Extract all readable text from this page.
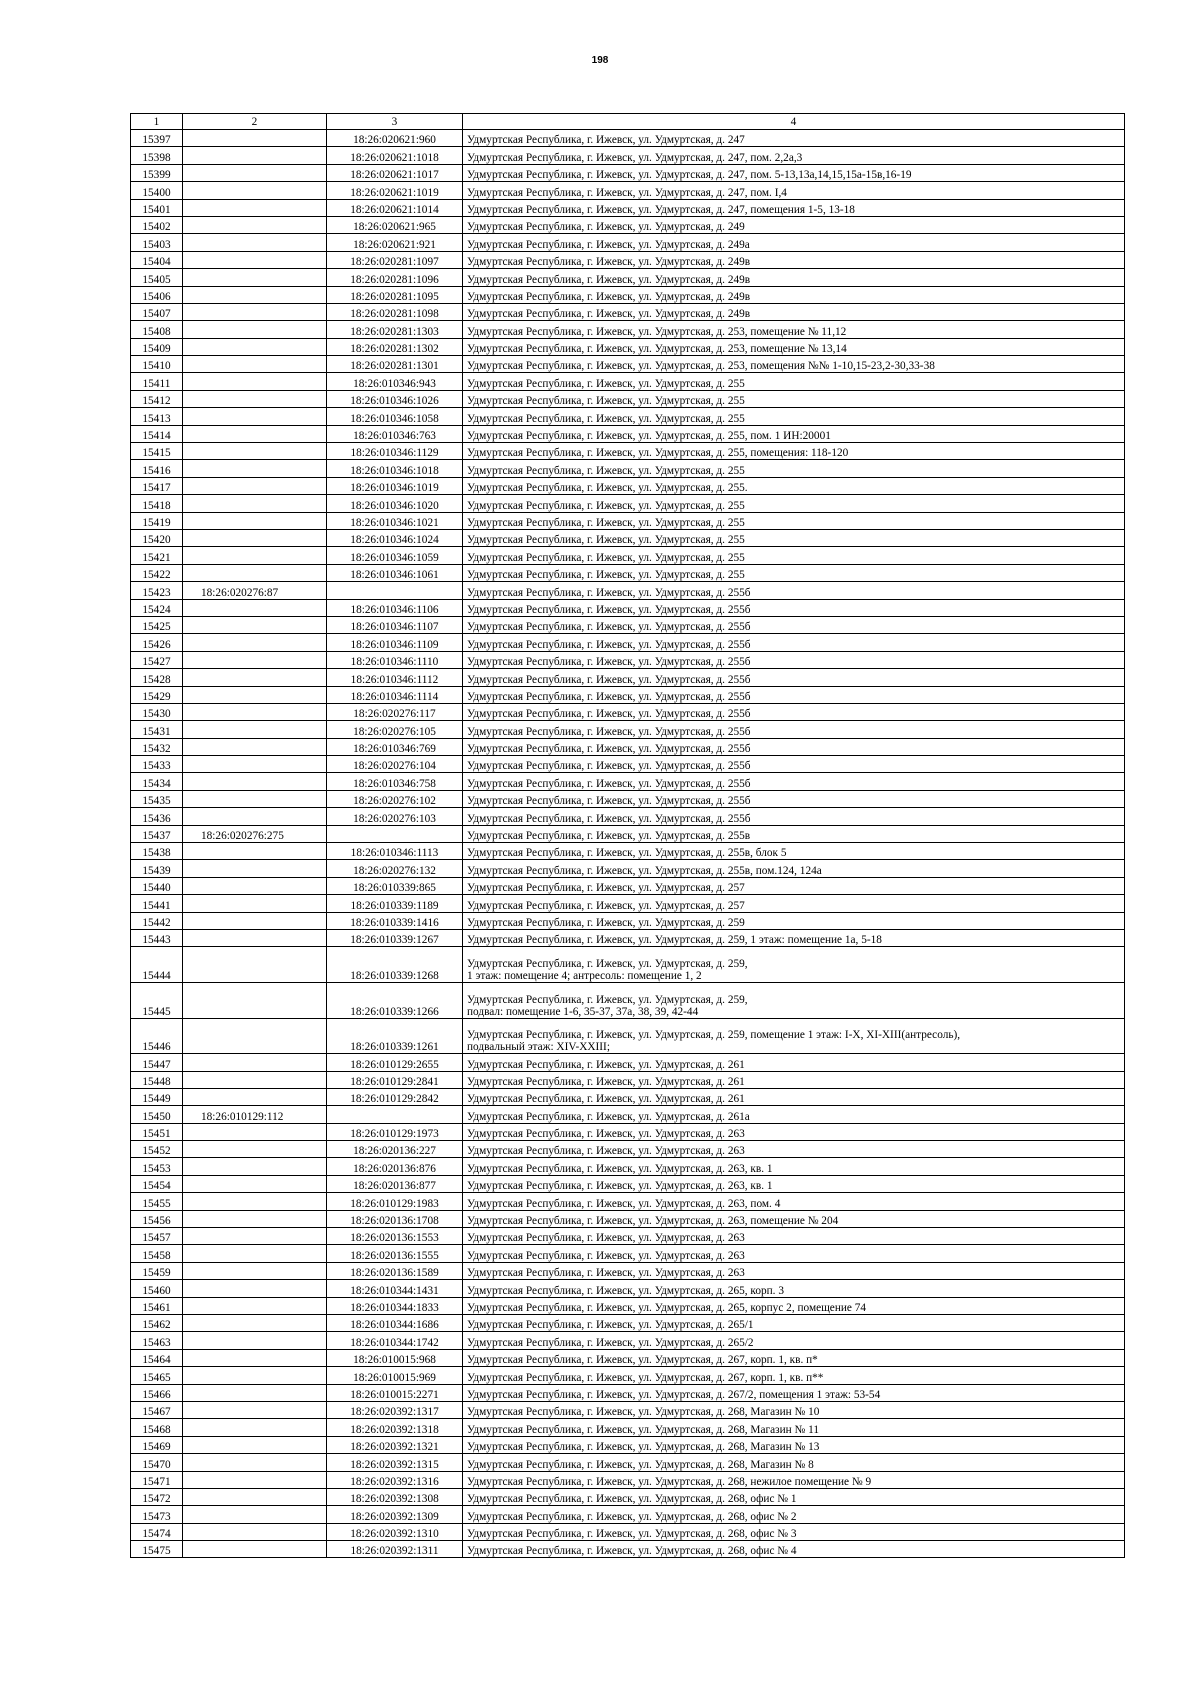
198
1	2	3	4
15397		18:26:020621:960	Удмуртская Республика, г. Ижевск, ул. Удмуртская, д. 247
15398		18:26:020621:1018	Удмуртская Республика, г. Ижевск, ул. Удмуртская, д. 247, пом. 2,2а,3
15399		18:26:020621:1017	Удмуртская Республика, г. Ижевск, ул. Удмуртская, д. 247, пом. 5-13,13а,14,15,15а-15в,16-19
15400		18:26:020621:1019	Удмуртская Республика, г. Ижевск, ул. Удмуртская, д. 247, пом. I,4
15401		18:26:020621:1014	Удмуртская Республика, г. Ижевск, ул. Удмуртская, д. 247, помещения 1-5, 13-18
15402		18:26:020621:965	Удмуртская Республика, г. Ижевск, ул. Удмуртская, д. 249
15403		18:26:020621:921	Удмуртская Республика, г. Ижевск, ул. Удмуртская, д. 249а
15404		18:26:020281:1097	Удмуртская Республика, г. Ижевск, ул. Удмуртская, д. 249в
15405		18:26:020281:1096	Удмуртская Республика, г. Ижевск, ул. Удмуртская, д. 249в
15406		18:26:020281:1095	Удмуртская Республика, г. Ижевск, ул. Удмуртская, д. 249в
15407		18:26:020281:1098	Удмуртская Республика, г. Ижевск, ул. Удмуртская, д. 249в
15408		18:26:020281:1303	Удмуртская Республика, г. Ижевск, ул. Удмуртская, д. 253, помещение № 11,12
15409		18:26:020281:1302	Удмуртская Республика, г. Ижевск, ул. Удмуртская, д. 253, помещение № 13,14
15410		18:26:020281:1301	Удмуртская Республика, г. Ижевск, ул. Удмуртская, д. 253, помещения №№ 1-10,15-23,2-30,33-38
15411		18:26:010346:943	Удмуртская Республика, г. Ижевск, ул. Удмуртская, д. 255
15412		18:26:010346:1026	Удмуртская Республика, г. Ижевск, ул. Удмуртская, д. 255
15413		18:26:010346:1058	Удмуртская Республика, г. Ижевск, ул. Удмуртская, д. 255
15414		18:26:010346:763	Удмуртская Республика, г. Ижевск, ул. Удмуртская, д. 255, пом. 1 ИН:20001
15415		18:26:010346:1129	Удмуртская Республика, г. Ижевск, ул. Удмуртская, д. 255, помещения: 118-120
15416		18:26:010346:1018	Удмуртская Республика, г. Ижевск, ул. Удмуртская, д. 255
15417		18:26:010346:1019	Удмуртская Республика, г. Ижевск, ул. Удмуртская, д. 255.
15418		18:26:010346:1020	Удмуртская Республика, г. Ижевск, ул. Удмуртская, д. 255
15419		18:26:010346:1021	Удмуртская Республика, г. Ижевск, ул. Удмуртская, д. 255
15420		18:26:010346:1024	Удмуртская Республика, г. Ижевск, ул. Удмуртская, д. 255
15421		18:26:010346:1059	Удмуртская Республика, г. Ижевск, ул. Удмуртская, д. 255
15422		18:26:010346:1061	Удмуртская Республика, г. Ижевск, ул. Удмуртская, д. 255
15423	18:26:020276:87		Удмуртская Республика, г. Ижевск, ул. Удмуртская, д. 255б
15424		18:26:010346:1106	Удмуртская Республика, г. Ижевск, ул. Удмуртская, д. 255б
15425		18:26:010346:1107	Удмуртская Республика, г. Ижевск, ул. Удмуртская, д. 255б
15426		18:26:010346:1109	Удмуртская Республика, г. Ижевск, ул. Удмуртская, д. 255б
15427		18:26:010346:1110	Удмуртская Республика, г. Ижевск, ул. Удмуртская, д. 255б
15428		18:26:010346:1112	Удмуртская Республика, г. Ижевск, ул. Удмуртская, д. 255б
15429		18:26:010346:1114	Удмуртская Республика, г. Ижевск, ул. Удмуртская, д. 255б
15430		18:26:020276:117	Удмуртская Республика, г. Ижевск, ул. Удмуртская, д. 255б
15431		18:26:020276:105	Удмуртская Республика, г. Ижевск, ул. Удмуртская, д. 255б
15432		18:26:010346:769	Удмуртская Республика, г. Ижевск, ул. Удмуртская, д. 255б
15433		18:26:020276:104	Удмуртская Республика, г. Ижевск, ул. Удмуртская, д. 255б
15434		18:26:010346:758	Удмуртская Республика, г. Ижевск, ул. Удмуртская, д. 255б
15435		18:26:020276:102	Удмуртская Республика, г. Ижевск, ул. Удмуртская, д. 255б
15436		18:26:020276:103	Удмуртская Республика, г. Ижевск, ул. Удмуртская, д. 255б
15437	18:26:020276:275		Удмуртская Республика, г. Ижевск, ул. Удмуртская, д. 255в
15438		18:26:010346:1113	Удмуртская Республика, г. Ижевск, ул. Удмуртская, д. 255в, блок 5
15439		18:26:020276:132	Удмуртская Республика, г. Ижевск, ул. Удмуртская, д. 255в, пом.124, 124а
15440		18:26:010339:865	Удмуртская Республика, г. Ижевск, ул. Удмуртская, д. 257
15441		18:26:010339:1189	Удмуртская Республика, г. Ижевск, ул. Удмуртская, д. 257
15442		18:26:010339:1416	Удмуртская Республика, г. Ижевск, ул. Удмуртская, д. 259
15443		18:26:010339:1267	Удмуртская Республика, г. Ижевск, ул. Удмуртская, д. 259, 1 этаж: помещение 1а, 5-18
15444		18:26:010339:1268	Удмуртская Республика, г. Ижевск, ул. Удмуртская, д. 259,
1 этаж: помещение 4; антресоль: помещение 1, 2
15445		18:26:010339:1266	Удмуртская Республика, г. Ижевск, ул. Удмуртская, д. 259,
подвал: помещение 1-6, 35-37, 37а, 38, 39, 42-44
15446		18:26:010339:1261	Удмуртская Республика, г. Ижевск, ул. Удмуртская, д. 259, помещение 1 этаж: I-X, XI-XIII(антресоль),
подвальный этаж: XIV-XXIII;
15447		18:26:010129:2655	Удмуртская Республика, г. Ижевск, ул. Удмуртская, д. 261
15448		18:26:010129:2841	Удмуртская Республика, г. Ижевск, ул. Удмуртская, д. 261
15449		18:26:010129:2842	Удмуртская Республика, г. Ижевск, ул. Удмуртская, д. 261
15450	18:26:010129:112		Удмуртская Республика, г. Ижевск, ул. Удмуртская, д. 261а
15451		18:26:010129:1973	Удмуртская Республика, г. Ижевск, ул. Удмуртская, д. 263
15452		18:26:020136:227	Удмуртская Республика, г. Ижевск, ул. Удмуртская, д. 263
15453		18:26:020136:876	Удмуртская Республика, г. Ижевск, ул. Удмуртская, д. 263, кв. 1
15454		18:26:020136:877	Удмуртская Республика, г. Ижевск, ул. Удмуртская, д. 263, кв. 1
15455		18:26:010129:1983	Удмуртская Республика, г. Ижевск, ул. Удмуртская, д. 263, пом. 4
15456		18:26:020136:1708	Удмуртская Республика, г. Ижевск, ул. Удмуртская, д. 263, помещение № 204
15457		18:26:020136:1553	Удмуртская Республика, г. Ижевск, ул. Удмуртская, д. 263
15458		18:26:020136:1555	Удмуртская Республика, г. Ижевск, ул. Удмуртская, д. 263
15459		18:26:020136:1589	Удмуртская Республика, г. Ижевск, ул. Удмуртская, д. 263
15460		18:26:010344:1431	Удмуртская Республика, г. Ижевск, ул. Удмуртская, д. 265, корп. 3
15461		18:26:010344:1833	Удмуртская Республика, г. Ижевск, ул. Удмуртская, д. 265, корпус 2, помещение 74
15462		18:26:010344:1686	Удмуртская Республика, г. Ижевск, ул. Удмуртская, д. 265/1
15463		18:26:010344:1742	Удмуртская Республика, г. Ижевск, ул. Удмуртская, д. 265/2
15464		18:26:010015:968	Удмуртская Республика, г. Ижевск, ул. Удмуртская, д. 267, корп. 1, кв. п*
15465		18:26:010015:969	Удмуртская Республика, г. Ижевск, ул. Удмуртская, д. 267, корп. 1, кв. п**
15466		18:26:010015:2271	Удмуртская Республика, г. Ижевск, ул. Удмуртская, д. 267/2, помещения 1 этаж: 53-54
15467		18:26:020392:1317	Удмуртская Республика, г. Ижевск, ул. Удмуртская, д. 268, Магазин № 10
15468		18:26:020392:1318	Удмуртская Республика, г. Ижевск, ул. Удмуртская, д. 268, Магазин № 11
15469		18:26:020392:1321	Удмуртская Республика, г. Ижевск, ул. Удмуртская, д. 268, Магазин № 13
15470		18:26:020392:1315	Удмуртская Республика, г. Ижевск, ул. Удмуртская, д. 268, Магазин № 8
15471		18:26:020392:1316	Удмуртская Республика, г. Ижевск, ул. Удмуртская, д. 268, нежилое помещение № 9
15472		18:26:020392:1308	Удмуртская Республика, г. Ижевск, ул. Удмуртская, д. 268, офис № 1
15473		18:26:020392:1309	Удмуртская Республика, г. Ижевск, ул. Удмуртская, д. 268, офис № 2
15474		18:26:020392:1310	Удмуртская Республика, г. Ижевск, ул. Удмуртская, д. 268, офис № 3
15475		18:26:020392:1311	Удмуртская Республика, г. Ижевск, ул. Удмуртская, д. 268, офис № 4
